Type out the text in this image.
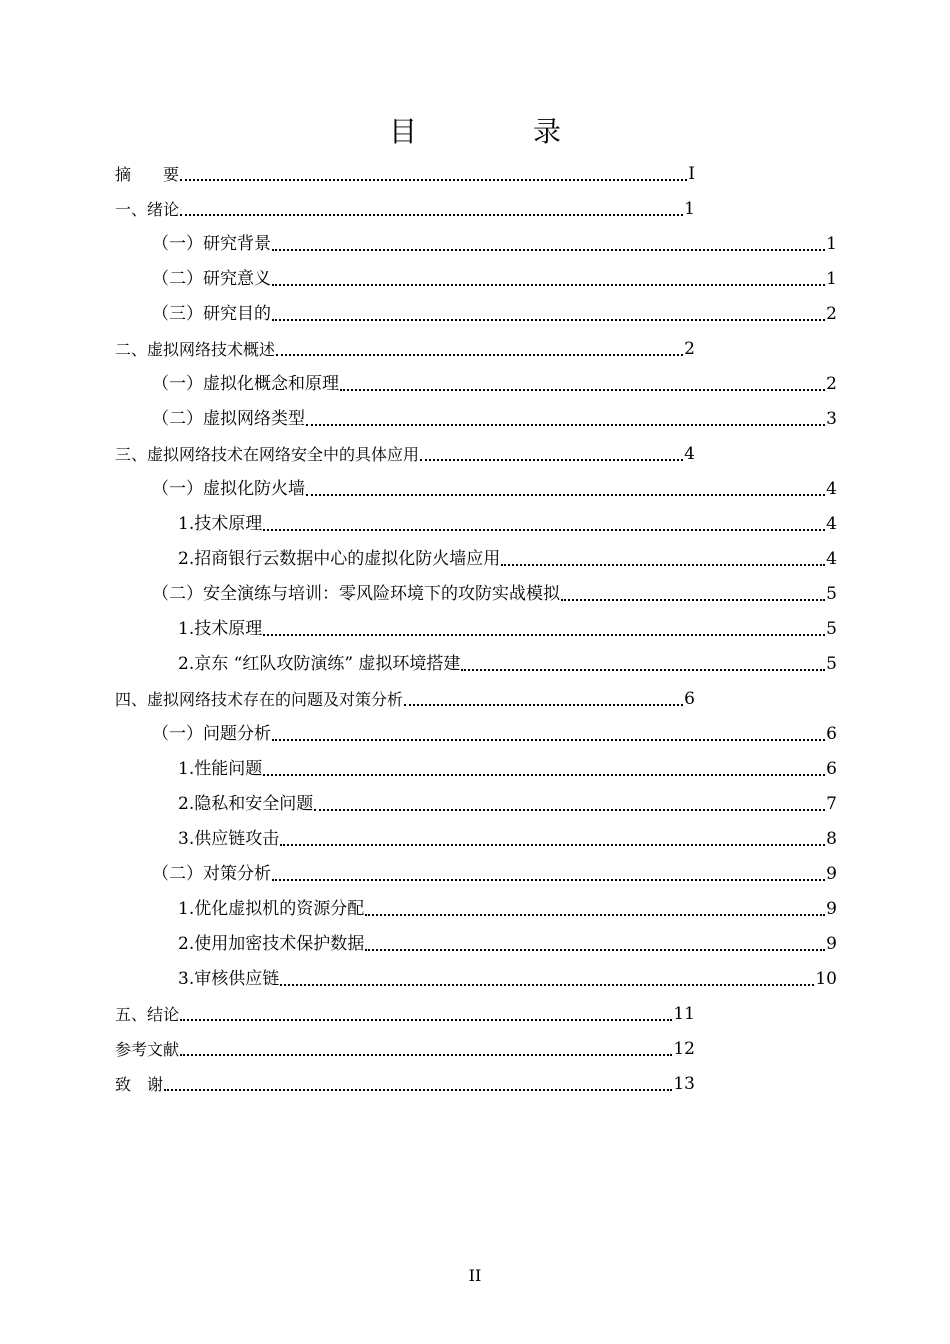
目　录
摘　　要	I
一、绪论	1
（一）研究背景	1
（二）研究意义	1
（三）研究目的	2
二、虚拟网络技术概述	2
（一）虚拟化概念和原理	2
（二）虚拟网络类型	3
三、虚拟网络技术在网络安全中的具体应用	4
（一）虚拟化防火墙	4
1.技术原理	4
2.招商银行云数据中心的虚拟化防火墙应用	4
（二）安全演练与培训：零风险环境下的攻防实战模拟	5
1.技术原理	5
2.京东 “红队攻防演练” 虚拟环境搭建	5
四、虚拟网络技术存在的问题及对策分析	6
（一）问题分析	6
1.性能问题	6
2.隐私和安全问题	7
3.供应链攻击	8
（二）对策分析	9
1.优化虚拟机的资源分配	9
2.使用加密技术保护数据	9
3.审核供应链	10
五、结论	11
参考文献	12
致　谢	13
II
